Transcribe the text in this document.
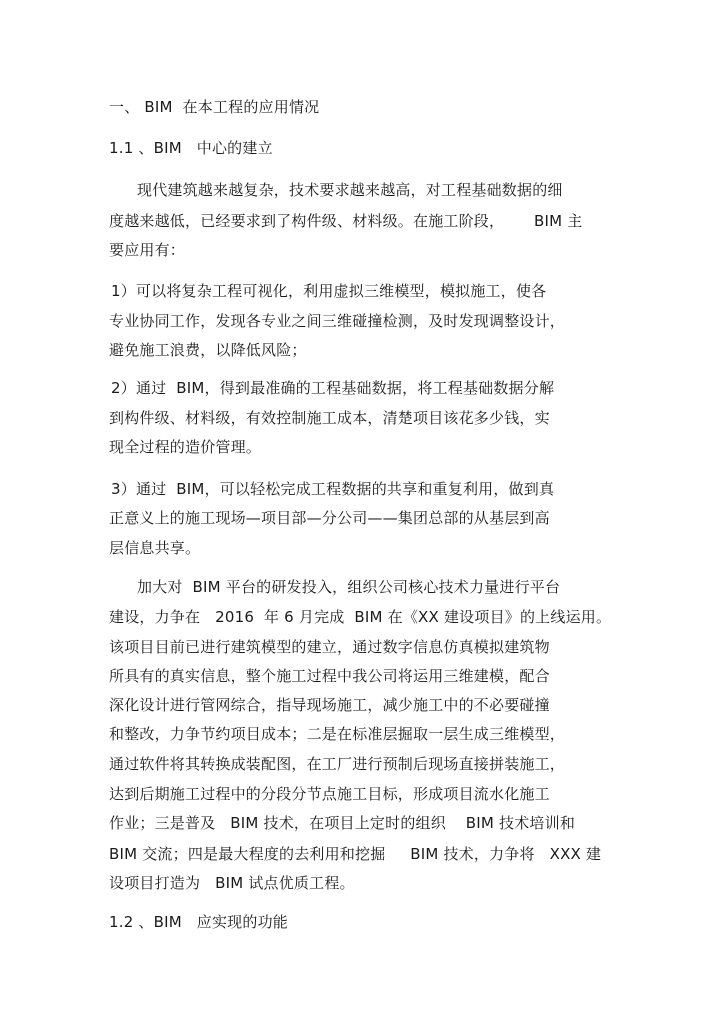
一、 BIM  在本工程的应用情况
1.1 、BIM   中心的建立
现代建筑越来越复杂，技术要求越来越高，对工程基础数据的细
度越来越低，已经要求到了构件级、材料级。在施工阶段，      BIM 主
要应用有：
1）可以将复杂工程可视化，利用虚拟三维模型，模拟施工，使各
专业协同工作，发现各专业之间三维碰撞检测，及时发现调整设计，
避免施工浪费，以降低风险；
2）通过  BIM，得到最准确的工程基础数据，将工程基础数据分解
到构件级、材料级，有效控制施工成本，清楚项目该花多少钱，实
现全过程的造价管理。
3）通过  BIM，可以轻松完成工程数据的共享和重复利用，做到真
正意义上的施工现场—项目部—分公司——集团总部的从基层到高
层信息共享。
加大对  BIM 平台的研发投入，组织公司核心技术力量进行平台
建设，力争在   2016  年 6 月完成  BIM 在《XX 建设项目》的上线运用。
该项目目前已进行建筑模型的建立，通过数字信息仿真模拟建筑物
所具有的真实信息，整个施工过程中我公司将运用三维建模，配合
深化设计进行管网综合，指导现场施工，减少施工中的不必要碰撞
和整改，力争节约项目成本；二是在标准层掘取一层生成三维模型，
通过软件将其转换成装配图，在工厂进行预制后现场直接拼装施工，
达到后期施工过程中的分段分节点施工目标，形成项目流水化施工
作业；三是普及   BIM 技术，在项目上定时的组织    BIM 技术培训和
BIM 交流；四是最大程度的去利用和挖掘     BIM 技术，力争将   XXX 建
设项目打造为   BIM 试点优质工程。
1.2 、BIM   应实现的功能
